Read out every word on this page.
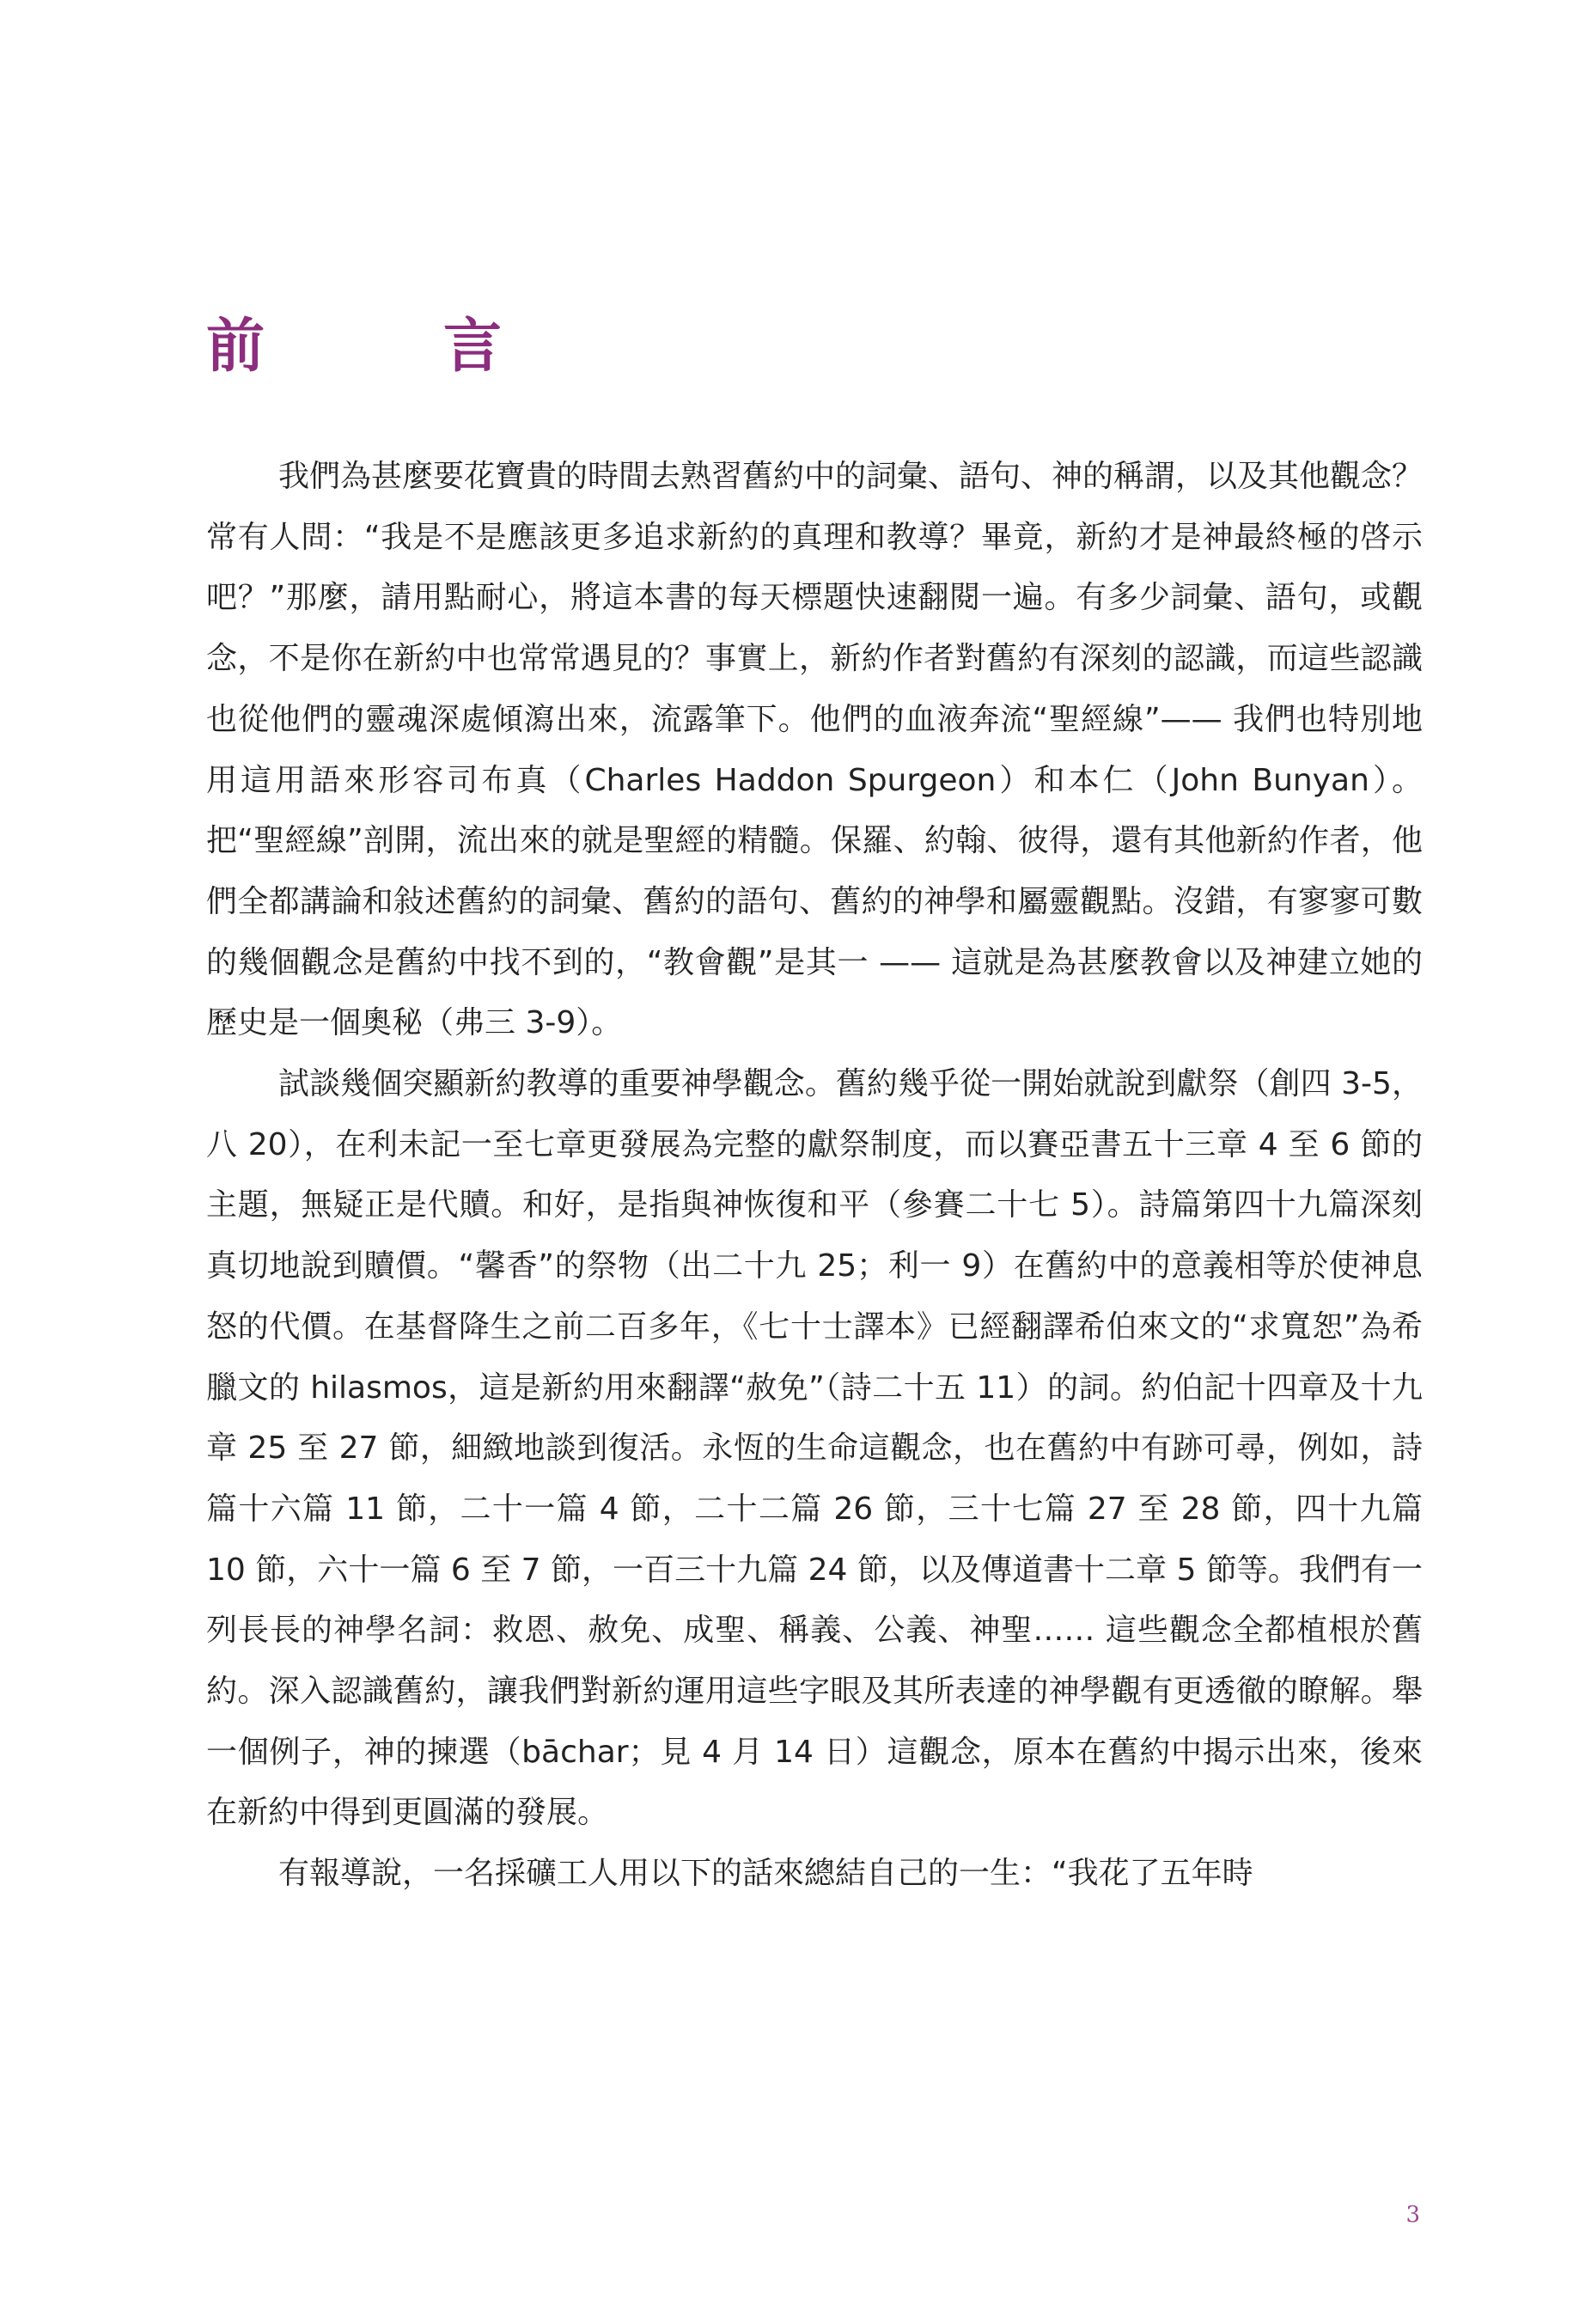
前　言

我們為甚麼要花寶貴的時間去熟習舊約中的詞彙、語句、神的稱謂，以及其他觀念？常有人問：“我是不是應該更多追求新約的真理和教導？畢竟，新約才是神最終極的啓示吧？”那麼，請用點耐心，將這本書的每天標題快速翻閱一遍。有多少詞彙、語句，或觀念，不是你在新約中也常常遇見的？事實上，新約作者對舊約有深刻的認識，而這些認識也從他們的靈魂深處傾瀉出來，流露筆下。他們的血液奔流“聖經線”—— 我們也特別地用這用語來形容司布真（Charles Haddon Spurgeon）和本仁（John Bunyan）。把“聖經線”剖開，流出來的就是聖經的精髓。保羅、約翰、彼得，還有其他新約作者，他們全都講論和敍述舊約的詞彙、舊約的語句、舊約的神學和屬靈觀點。沒錯，有寥寥可數的幾個觀念是舊約中找不到的，“教會觀”是其一 —— 這就是為甚麼教會以及神建立她的歷史是一個奧秘（弗三 3-9）。

試談幾個突顯新約教導的重要神學觀念。舊約幾乎從一開始就說到獻祭（創四 3-5，八 20），在利未記一至七章更發展為完整的獻祭制度，而以賽亞書五十三章 4 至 6 節的主題，無疑正是代贖。和好，是指與神恢復和平（參賽二十七 5）。詩篇第四十九篇深刻真切地說到贖價。“馨香”的祭物（出二十九 25；利一 9）在舊約中的意義相等於使神息怒的代價。在基督降生之前二百多年，《七十士譯本》已經翻譯希伯來文的“求寬恕”為希臘文的 hilasmos，這是新約用來翻譯“赦免”（詩二十五 11）的詞。約伯記十四章及十九章 25 至 27 節，細緻地談到復活。永恆的生命這觀念，也在舊約中有跡可尋，例如，詩篇十六篇 11 節，二十一篇 4 節，二十二篇 26 節，三十七篇 27 至 28 節，四十九篇 10 節，六十一篇 6 至 7 節，一百三十九篇 24 節，以及傳道書十二章 5 節等。我們有一列長長的神學名詞：救恩、赦免、成聖、稱義、公義、神聖…… 這些觀念全都植根於舊約。深入認識舊約，讓我們對新約運用這些字眼及其所表達的神學觀有更透徹的瞭解。舉一個例子，神的揀選（bāchar；見 4 月 14 日）這觀念，原本在舊約中揭示出來，後來在新約中得到更圓滿的發展。

有報導說，一名採礦工人用以下的話來總結自己的一生：“我花了五年時

3
